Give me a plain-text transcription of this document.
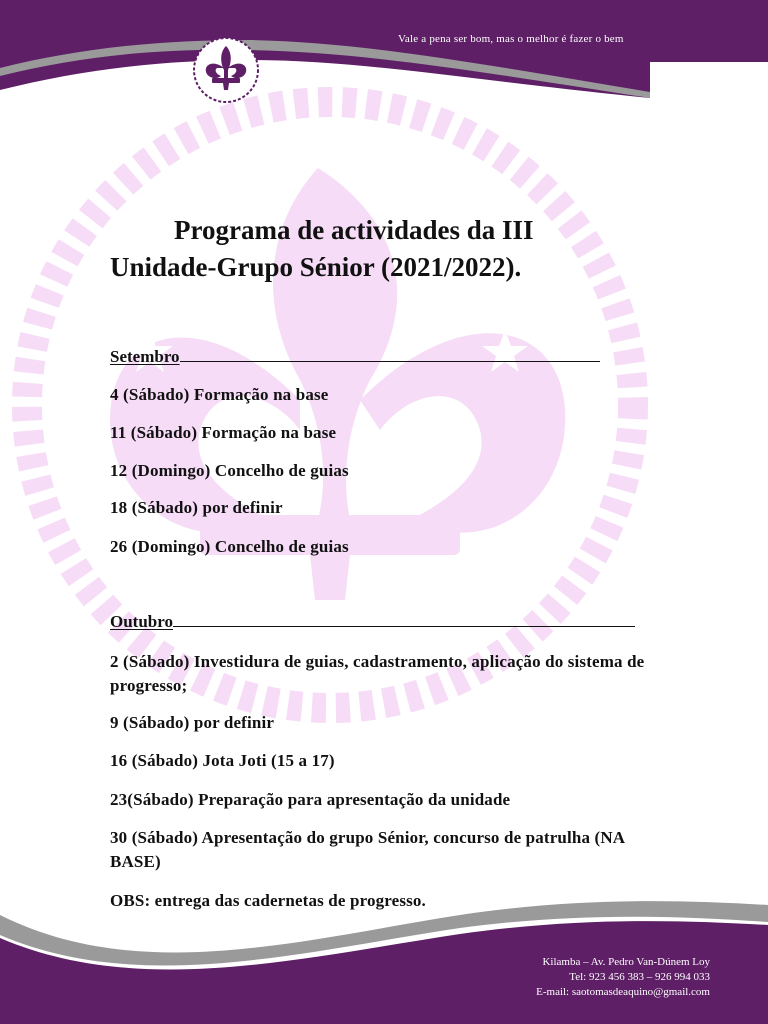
Vale a pena ser bom, mas o melhor é fazer o bem
Programa de actividades da III
Unidade-Grupo Sénior (2021/2022).
Setembro
4 (Sábado) Formação na base
11 (Sábado) Formação na base
12 (Domingo) Concelho de guias
18 (Sábado) por definir
26 (Domingo) Concelho de guias
Outubro
2 (Sábado) Investidura de guias, cadastramento, aplicação do sistema de progresso;
9 (Sábado) por definir
16 (Sábado) Jota Joti (15 a 17)
23(Sábado) Preparação para apresentação da unidade
30 (Sábado) Apresentação do grupo Sénior, concurso de patrulha (NA BASE)
OBS: entrega das cadernetas de progresso.
Kilamba – Av. Pedro Van-Dúnem Loy
Tel: 923 456 383 – 926 994 033
E-mail: saotomasdeaquino@gmail.com
